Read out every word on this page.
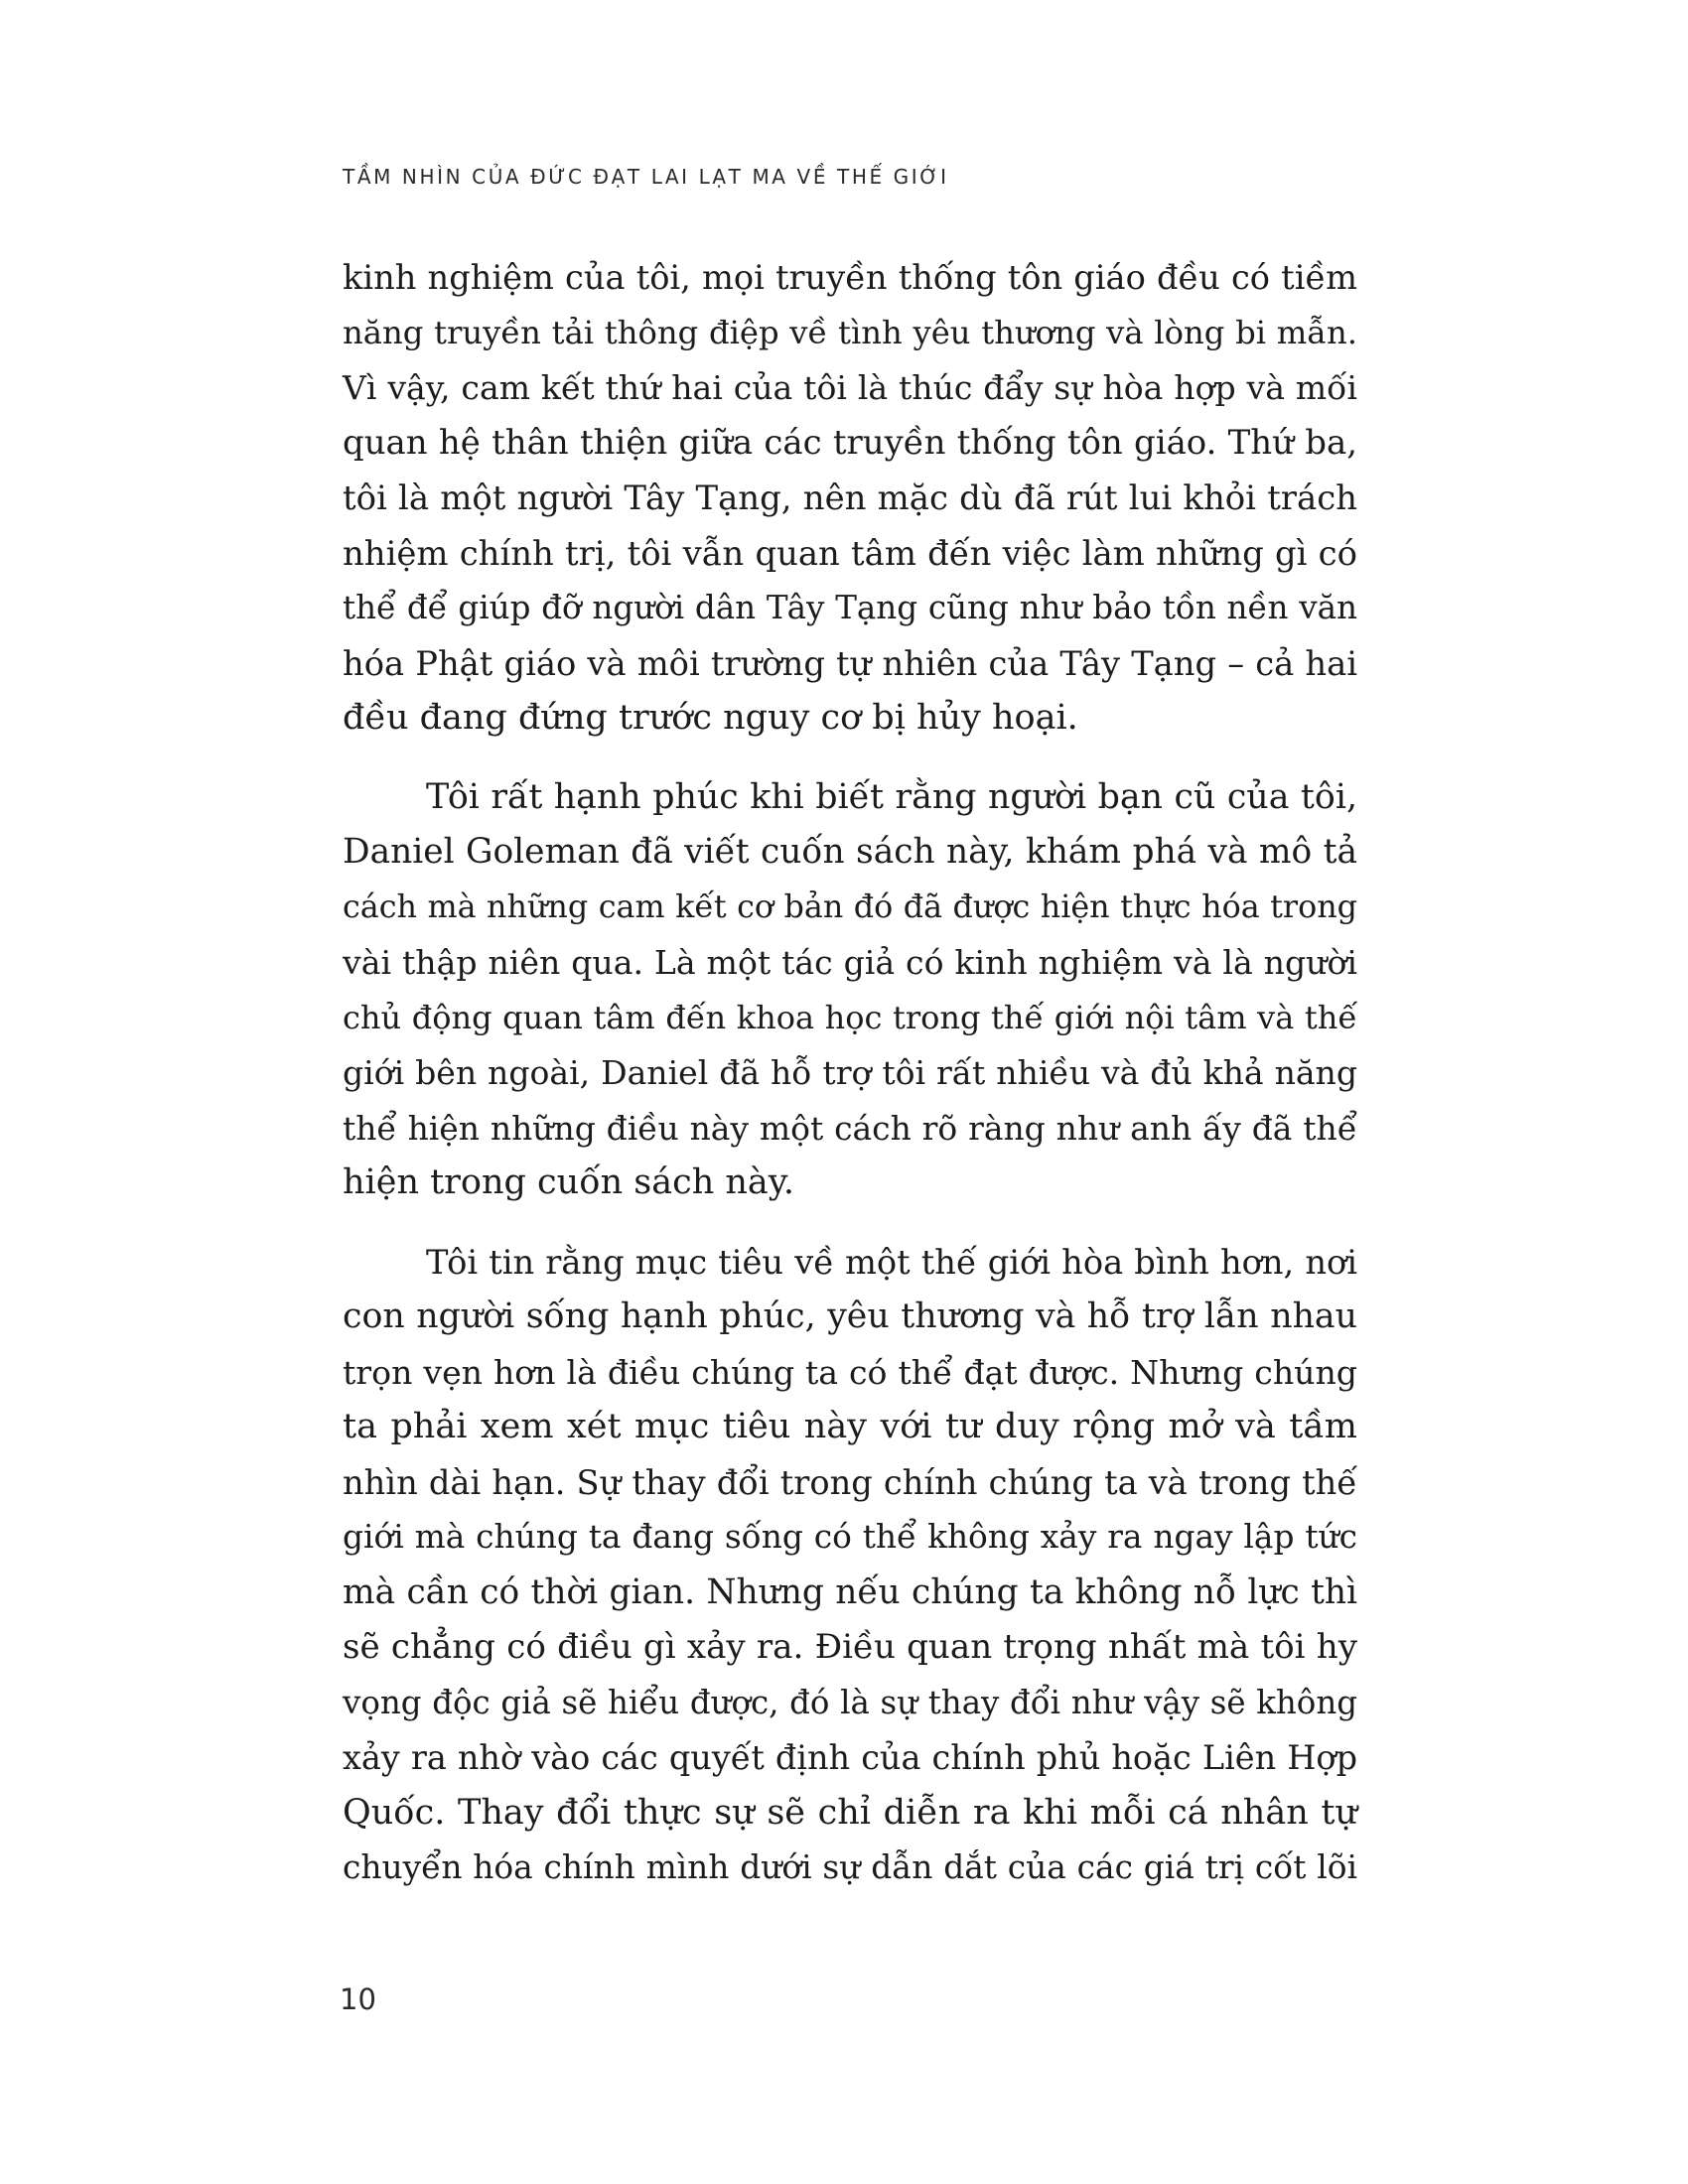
TẦM NHÌN CỦA ĐỨC ĐẠT LAI LẠT MA VỀ THẾ GIỚI
kinh nghiệm của tôi, mọi truyền thống tôn giáo đều có tiềm
năng truyền tải thông điệp về tình yêu thương và lòng bi mẫn.
Vì vậy, cam kết thứ hai của tôi là thúc đẩy sự hòa hợp và mối
quan hệ thân thiện giữa các truyền thống tôn giáo. Thứ ba,
tôi là một người Tây Tạng, nên mặc dù đã rút lui khỏi trách
nhiệm chính trị, tôi vẫn quan tâm đến việc làm những gì có
thể để giúp đỡ người dân Tây Tạng cũng như bảo tồn nền văn
hóa Phật giáo và môi trường tự nhiên của Tây Tạng – cả hai
đều đang đứng trước nguy cơ bị hủy hoại.
Tôi rất hạnh phúc khi biết rằng người bạn cũ của tôi,
Daniel Goleman đã viết cuốn sách này, khám phá và mô tả
cách mà những cam kết cơ bản đó đã được hiện thực hóa trong
vài thập niên qua. Là một tác giả có kinh nghiệm và là người
chủ động quan tâm đến khoa học trong thế giới nội tâm và thế
giới bên ngoài, Daniel đã hỗ trợ tôi rất nhiều và đủ khả năng
thể hiện những điều này một cách rõ ràng như anh ấy đã thể
hiện trong cuốn sách này.
Tôi tin rằng mục tiêu về một thế giới hòa bình hơn, nơi
con người sống hạnh phúc, yêu thương và hỗ trợ lẫn nhau
trọn vẹn hơn là điều chúng ta có thể đạt được. Nhưng chúng
ta phải xem xét mục tiêu này với tư duy rộng mở và tầm
nhìn dài hạn. Sự thay đổi trong chính chúng ta và trong thế
giới mà chúng ta đang sống có thể không xảy ra ngay lập tức
mà cần có thời gian. Nhưng nếu chúng ta không nỗ lực thì
sẽ chẳng có điều gì xảy ra. Điều quan trọng nhất mà tôi hy
vọng độc giả sẽ hiểu được, đó là sự thay đổi như vậy sẽ không
xảy ra nhờ vào các quyết định của chính phủ hoặc Liên Hợp
Quốc. Thay đổi thực sự sẽ chỉ diễn ra khi mỗi cá nhân tự
chuyển hóa chính mình dưới sự dẫn dắt của các giá trị cốt lõi
10
